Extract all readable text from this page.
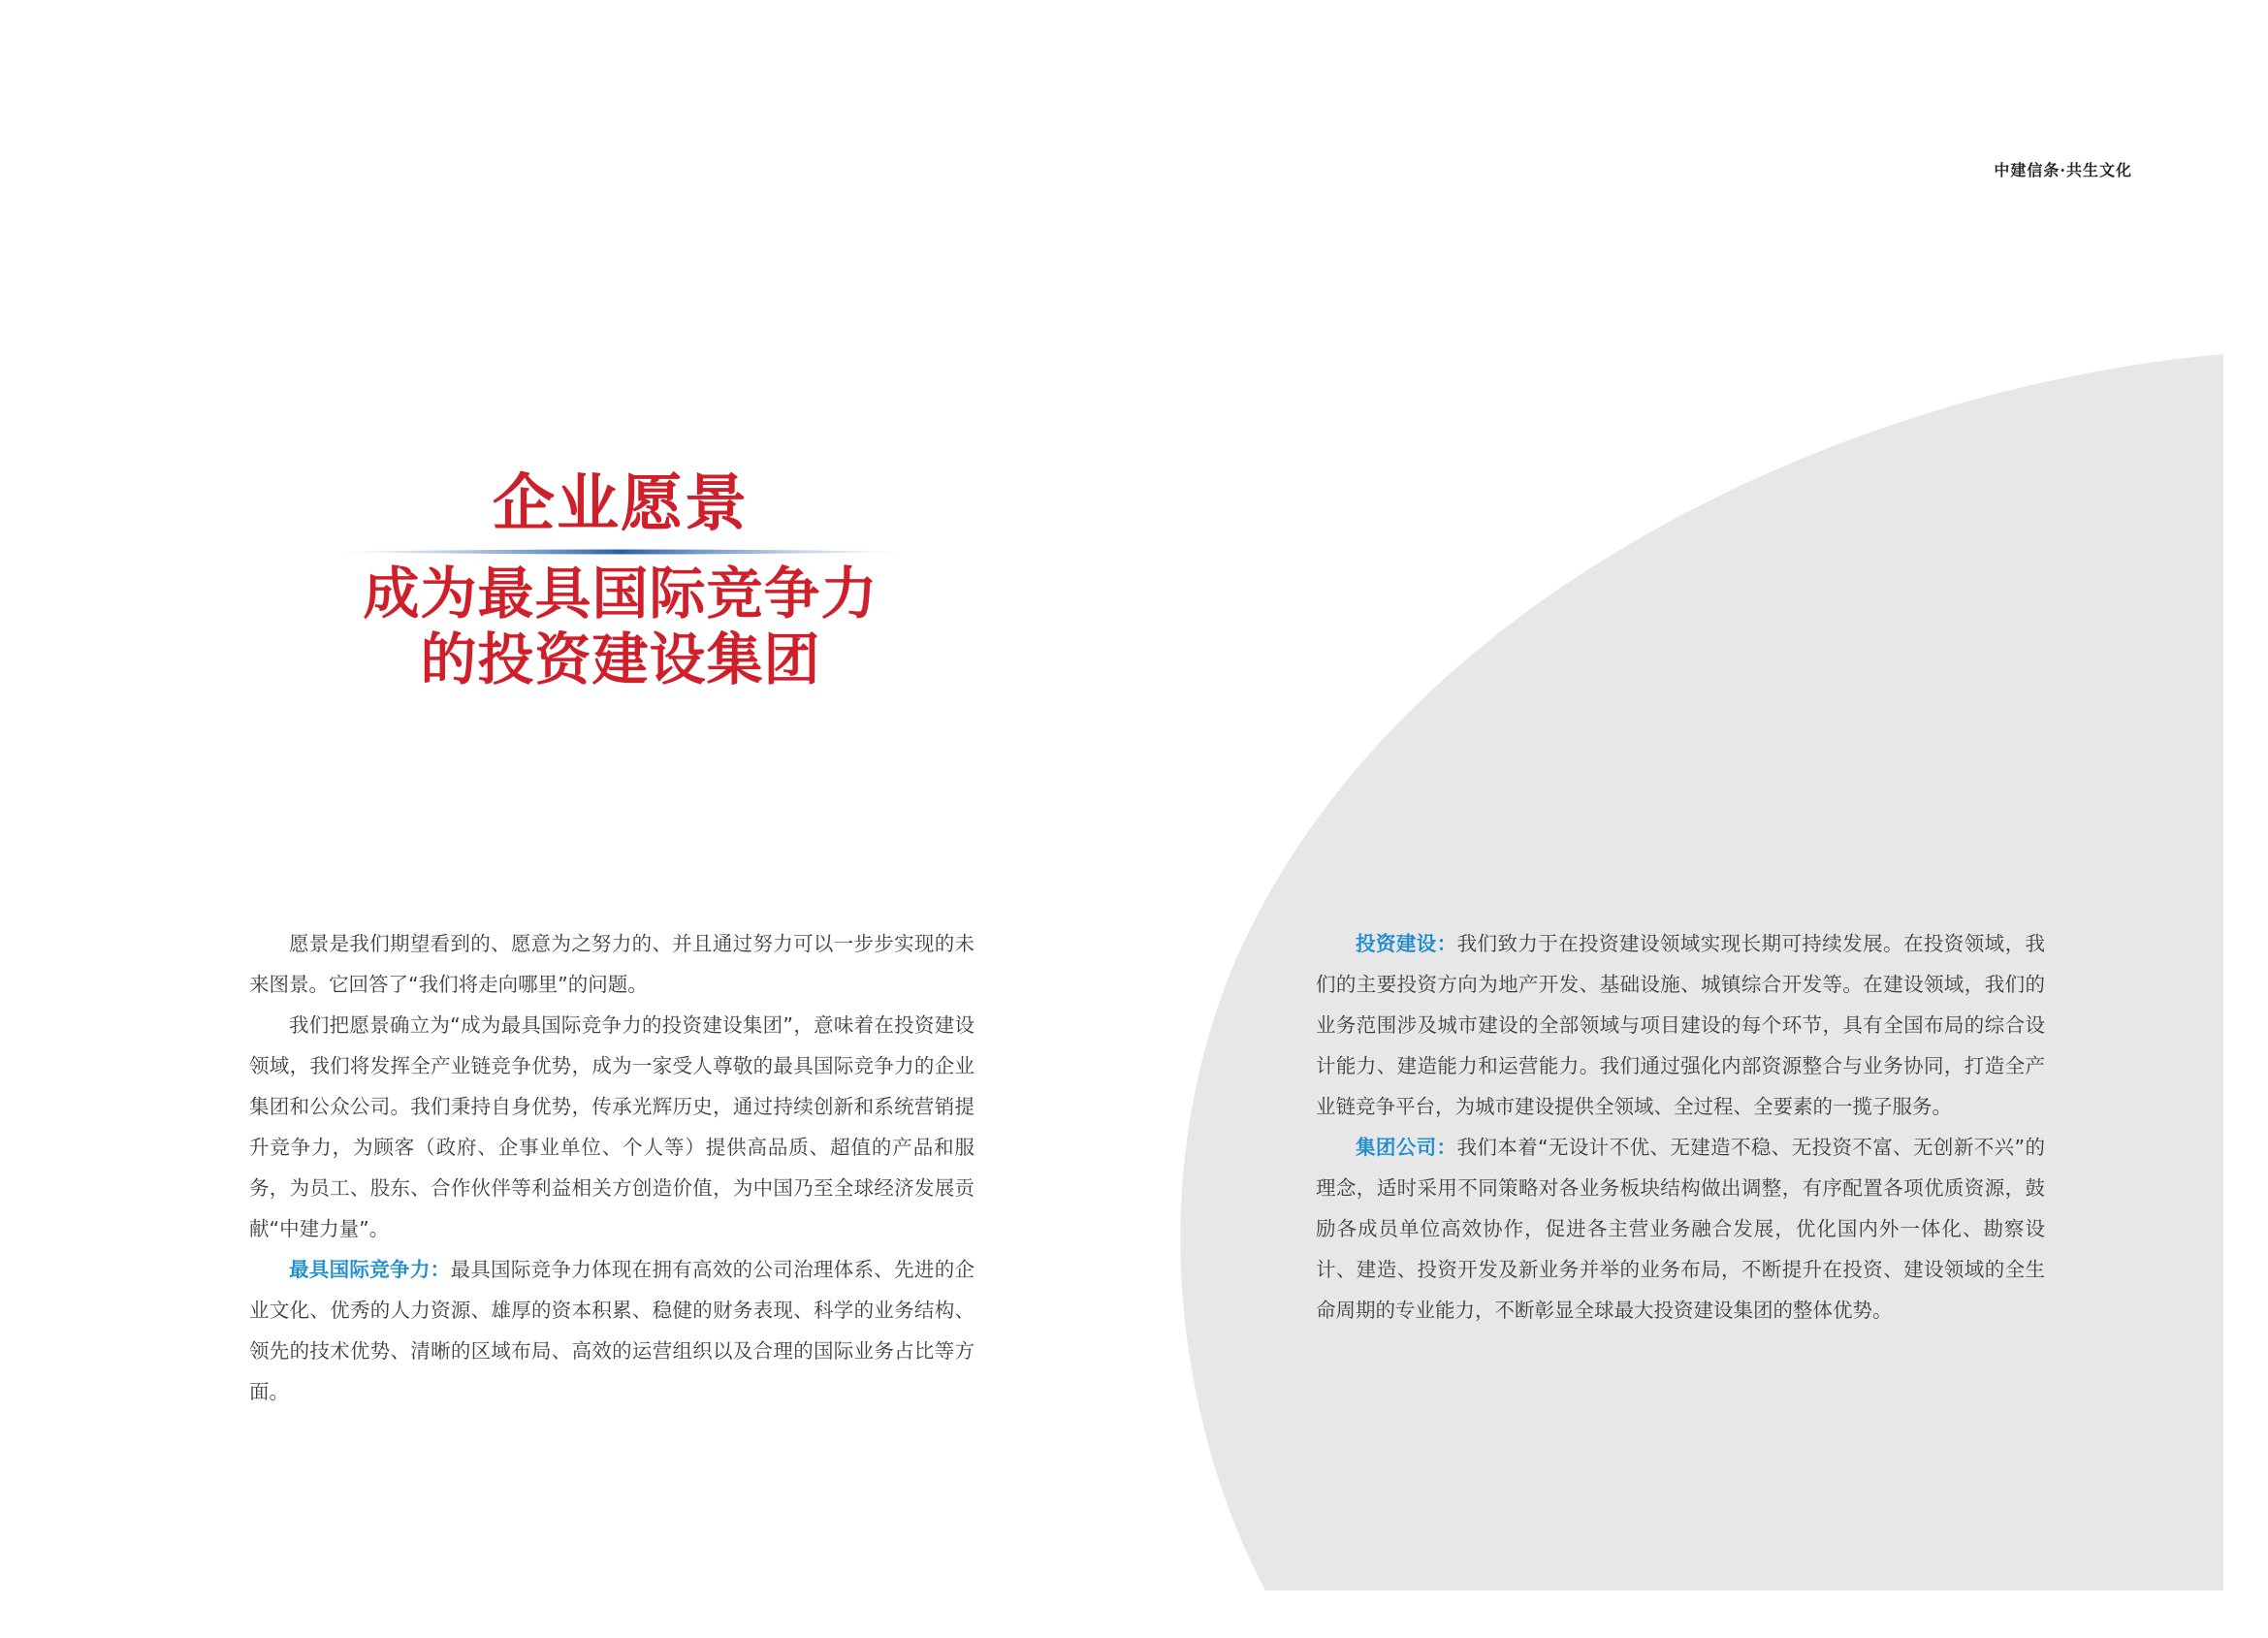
中建信条·共生文化
企业愿景
成为最具国际竞争力
的投资建设集团

愿景是我们期望看到的、愿意为之努力的、并且通过努力可以一步步实现的未来图景。它回答了“我们将走向哪里”的问题。

我们把愿景确立为“成为最具国际竞争力的投资建设集团”，意味着在投资建设领域，我们将发挥全产业链竞争优势，成为一家受人尊敬的最具国际竞争力的企业集团和公众公司。我们秉持自身优势，传承光辉历史，通过持续创新和系统营销提升竞争力，为顾客（政府、企事业单位、个人等）提供高品质、超值的产品和服务，为员工、股东、合作伙伴等利益相关方创造价值，为中国乃至全球经济发展贡献“中建力量”。

最具国际竞争力：最具国际竞争力体现在拥有高效的公司治理体系、先进的企业文化、优秀的人力资源、雄厚的资本积累、稳健的财务表现、科学的业务结构、领先的技术优势、清晰的区域布局、高效的运营组织以及合理的国际业务占比等方面。

投资建设：我们致力于在投资建设领域实现长期可持续发展。在投资领域，我们的主要投资方向为地产开发、基础设施、城镇综合开发等。在建设领域，我们的业务范围涉及城市建设的全部领域与项目建设的每个环节，具有全国布局的综合设计能力、建造能力和运营能力。我们通过强化内部资源整合与业务协同，打造全产业链竞争平台，为城市建设提供全领域、全过程、全要素的一揽子服务。

集团公司：我们本着“无设计不优、无建造不稳、无投资不富、无创新不兴”的理念，适时采用不同策略对各业务板块结构做出调整，有序配置各项优质资源，鼓励各成员单位高效协作，促进各主营业务融合发展，优化国内外一体化、勘察设计、建造、投资开发及新业务并举的业务布局，不断提升在投资、建设领域的全生命周期的专业能力，不断彰显全球最大投资建设集团的整体优势。
